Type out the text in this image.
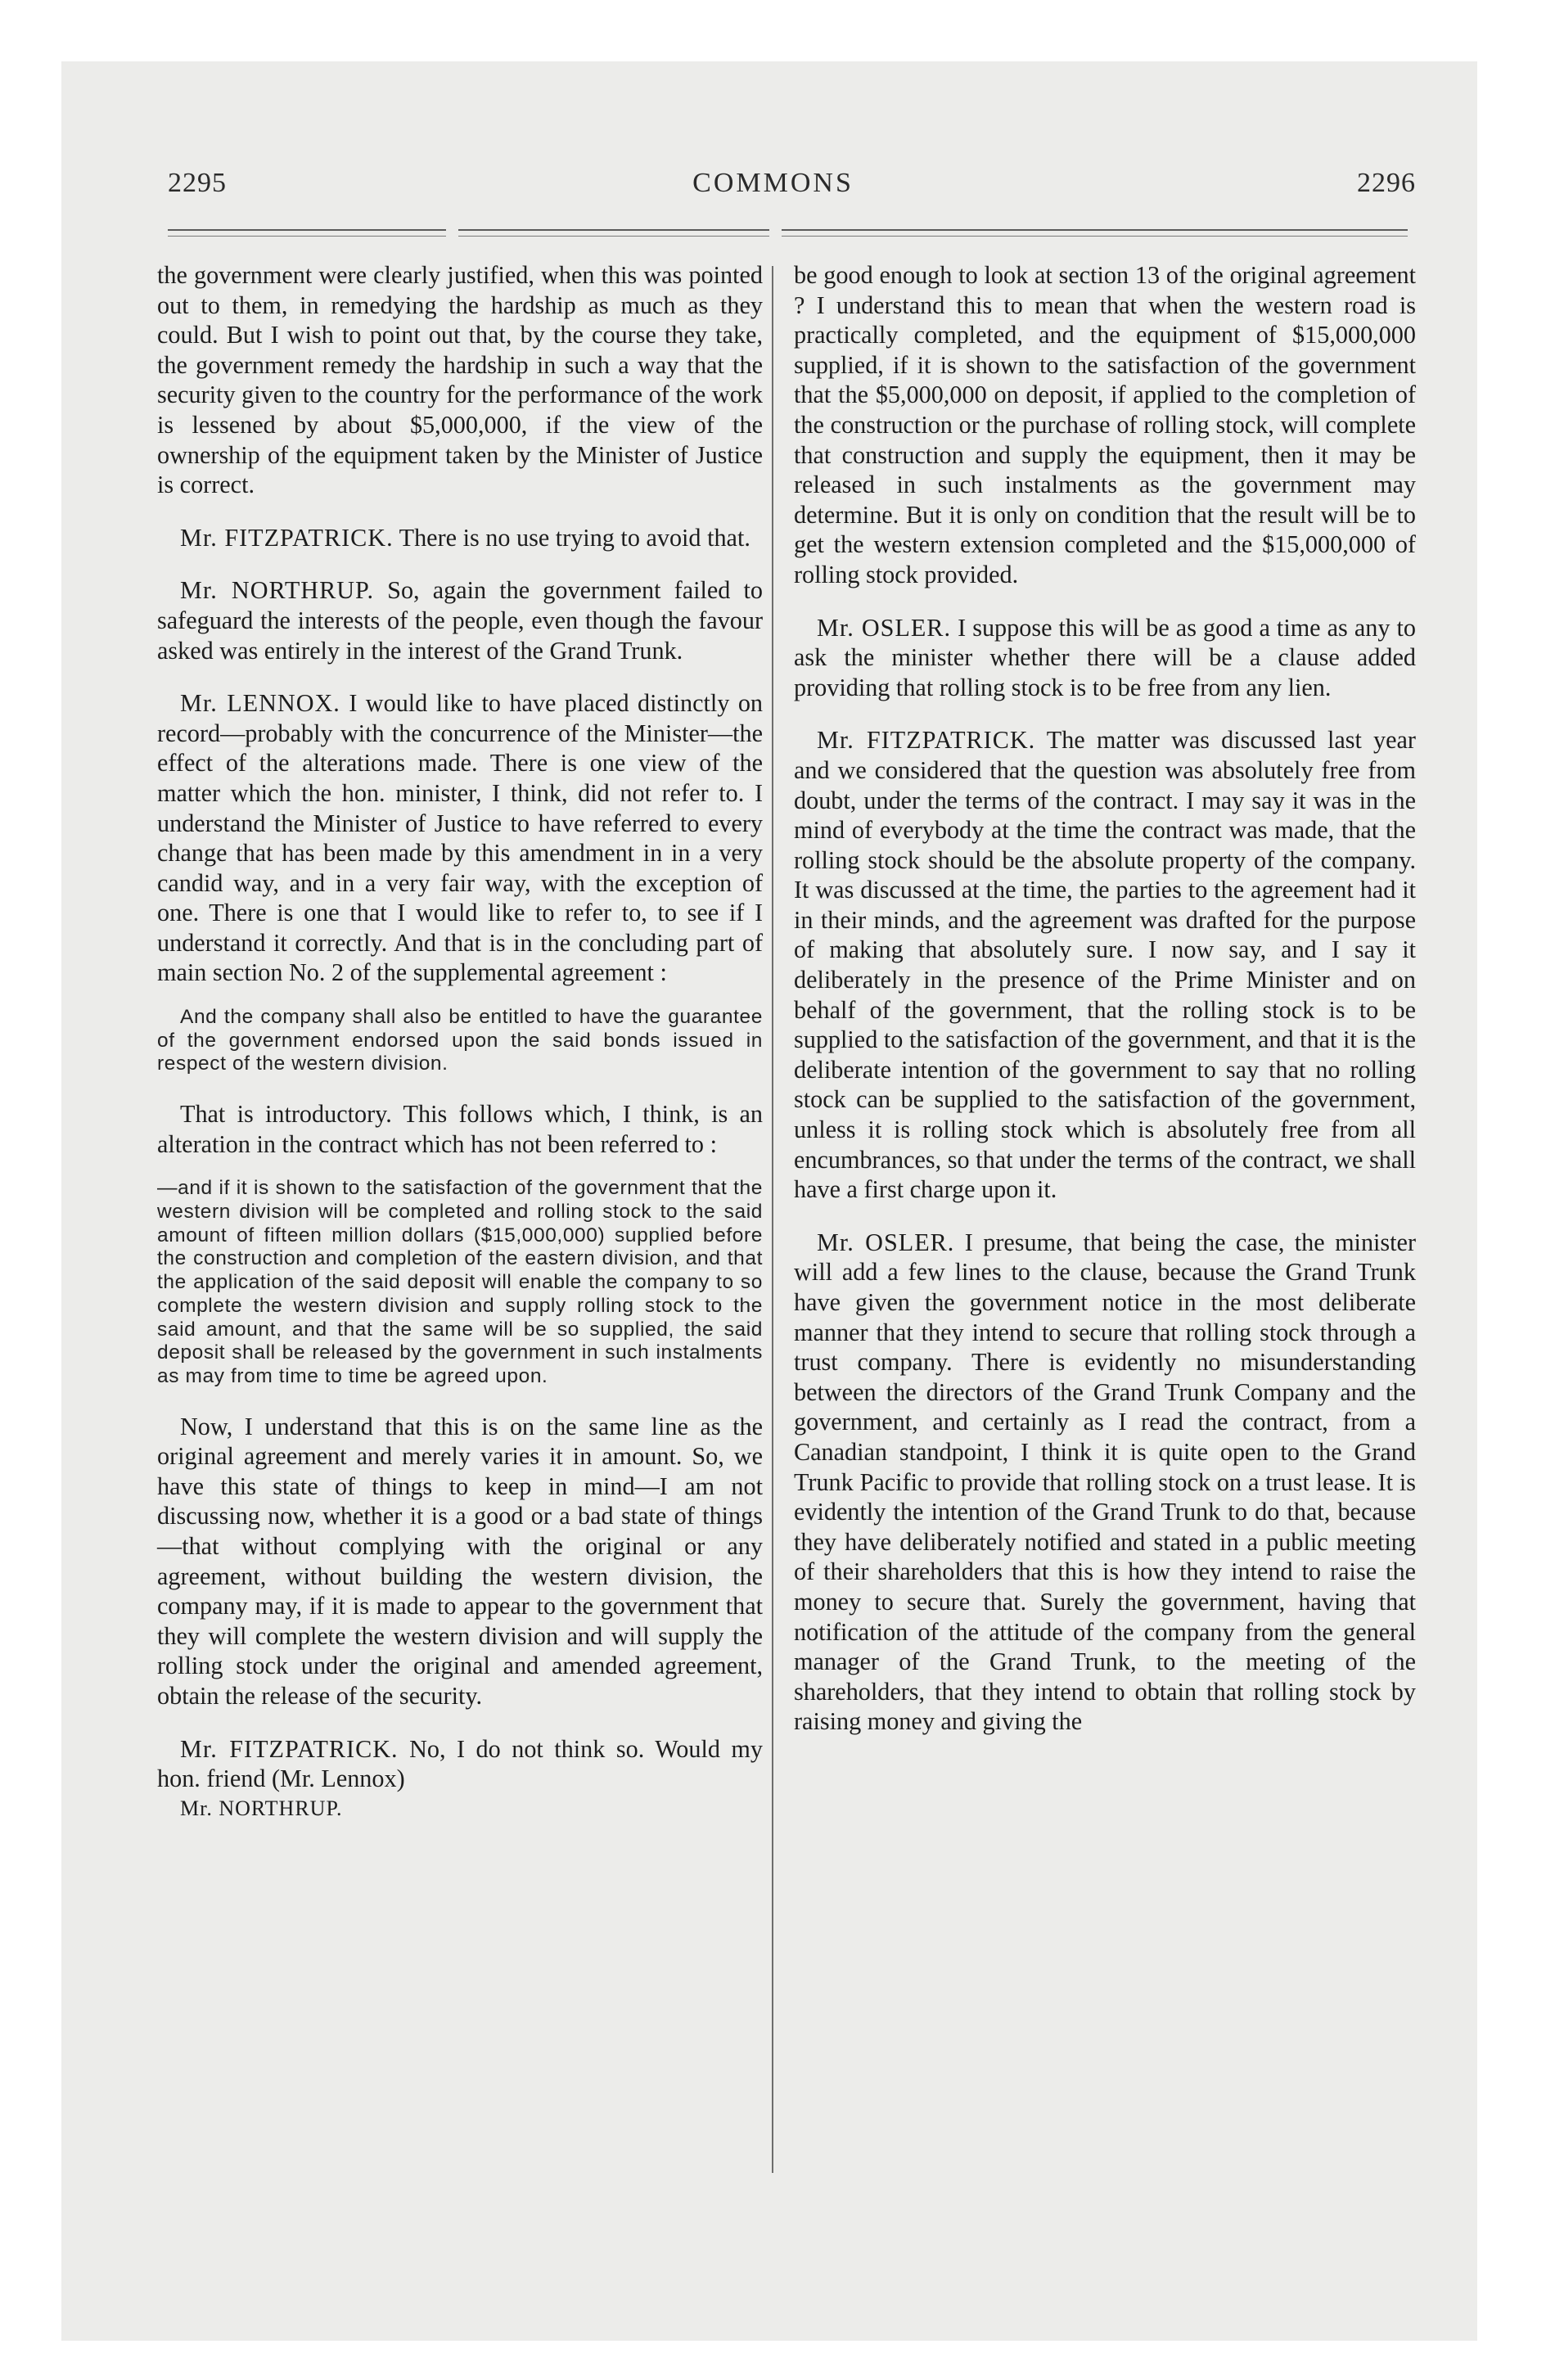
2295	COMMONS	2296

the government were clearly justified, when this was pointed out to them, in remedying the hardship as much as they could. But I wish to point out that, by the course they take, the government remedy the hardship in such a way that the security given to the country for the performance of the work is lessened by about $5,000,000, if the view of the ownership of the equipment taken by the Minister of Justice is correct.

Mr. FITZPATRICK. There is no use trying to avoid that.

Mr. NORTHRUP. So, again the government failed to safeguard the interests of the people, even though the favour asked was entirely in the interest of the Grand Trunk.

Mr. LENNOX. I would like to have placed distinctly on record—probably with the concurrence of the Minister—the effect of the alterations made. There is one view of the matter which the hon. minister, I think, did not refer to. I understand the Minister of Justice to have referred to every change that has been made by this amendment in in a very candid way, and in a very fair way, with the exception of one. There is one that I would like to refer to, to see if I understand it correctly. And that is in the concluding part of main section No. 2 of the supplemental agreement :

And the company shall also be entitled to have the guarantee of the government endorsed upon the said bonds issued in respect of the western division.

That is introductory. This follows which, I think, is an alteration in the contract which has not been referred to :

—and if it is shown to the satisfaction of the government that the western division will be completed and rolling stock to the said amount of fifteen million dollars ($15,000,000) supplied before the construction and completion of the eastern division, and that the application of the said deposit will enable the company to so complete the western division and supply rolling stock to the said amount, and that the same will be so supplied, the said deposit shall be released by the government in such instalments as may from time to time be agreed upon.

Now, I understand that this is on the same line as the original agreement and merely varies it in amount. So, we have this state of things to keep in mind—I am not discussing now, whether it is a good or a bad state of things—that without complying with the original or any agreement, without building the western division, the company may, if it is made to appear to the government that they will complete the western division and will supply the rolling stock under the original and amended agreement, obtain the release of the security.

Mr. FITZPATRICK. No, I do not think so. Would my hon. friend (Mr. Lennox)

Mr. NORTHRUP.

be good enough to look at section 13 of the original agreement ? I understand this to mean that when the western road is practically completed, and the equipment of $15,000,000 supplied, if it is shown to the satisfaction of the government that the $5,000,000 on deposit, if applied to the completion of the construction or the purchase of rolling stock, will complete that construction and supply the equipment, then it may be released in such instalments as the government may determine. But it is only on condition that the result will be to get the western extension completed and the $15,000,000 of rolling stock provided.

Mr. OSLER. I suppose this will be as good a time as any to ask the minister whether there will be a clause added providing that rolling stock is to be free from any lien.

Mr. FITZPATRICK. The matter was discussed last year and we considered that the question was absolutely free from doubt, under the terms of the contract. I may say it was in the mind of everybody at the time the contract was made, that the rolling stock should be the absolute property of the company. It was discussed at the time, the parties to the agreement had it in their minds, and the agreement was drafted for the purpose of making that absolutely sure. I now say, and I say it deliberately in the presence of the Prime Minister and on behalf of the government, that the rolling stock is to be supplied to the satisfaction of the government, and that it is the deliberate intention of the government to say that no rolling stock can be supplied to the satisfaction of the government, unless it is rolling stock which is absolutely free from all encumbrances, so that under the terms of the contract, we shall have a first charge upon it.

Mr. OSLER. I presume, that being the case, the minister will add a few lines to the clause, because the Grand Trunk have given the government notice in the most deliberate manner that they intend to secure that rolling stock through a trust company. There is evidently no misunderstanding between the directors of the Grand Trunk Company and the government, and certainly as I read the contract, from a Canadian standpoint, I think it is quite open to the Grand Trunk Pacific to provide that rolling stock on a trust lease. It is evidently the intention of the Grand Trunk to do that, because they have deliberately notified and stated in a public meeting of their shareholders that this is how they intend to raise the money to secure that. Surely the government, having that notification of the attitude of the company from the general manager of the Grand Trunk, to the meeting of the shareholders, that they intend to obtain that rolling stock by raising money and giving the
